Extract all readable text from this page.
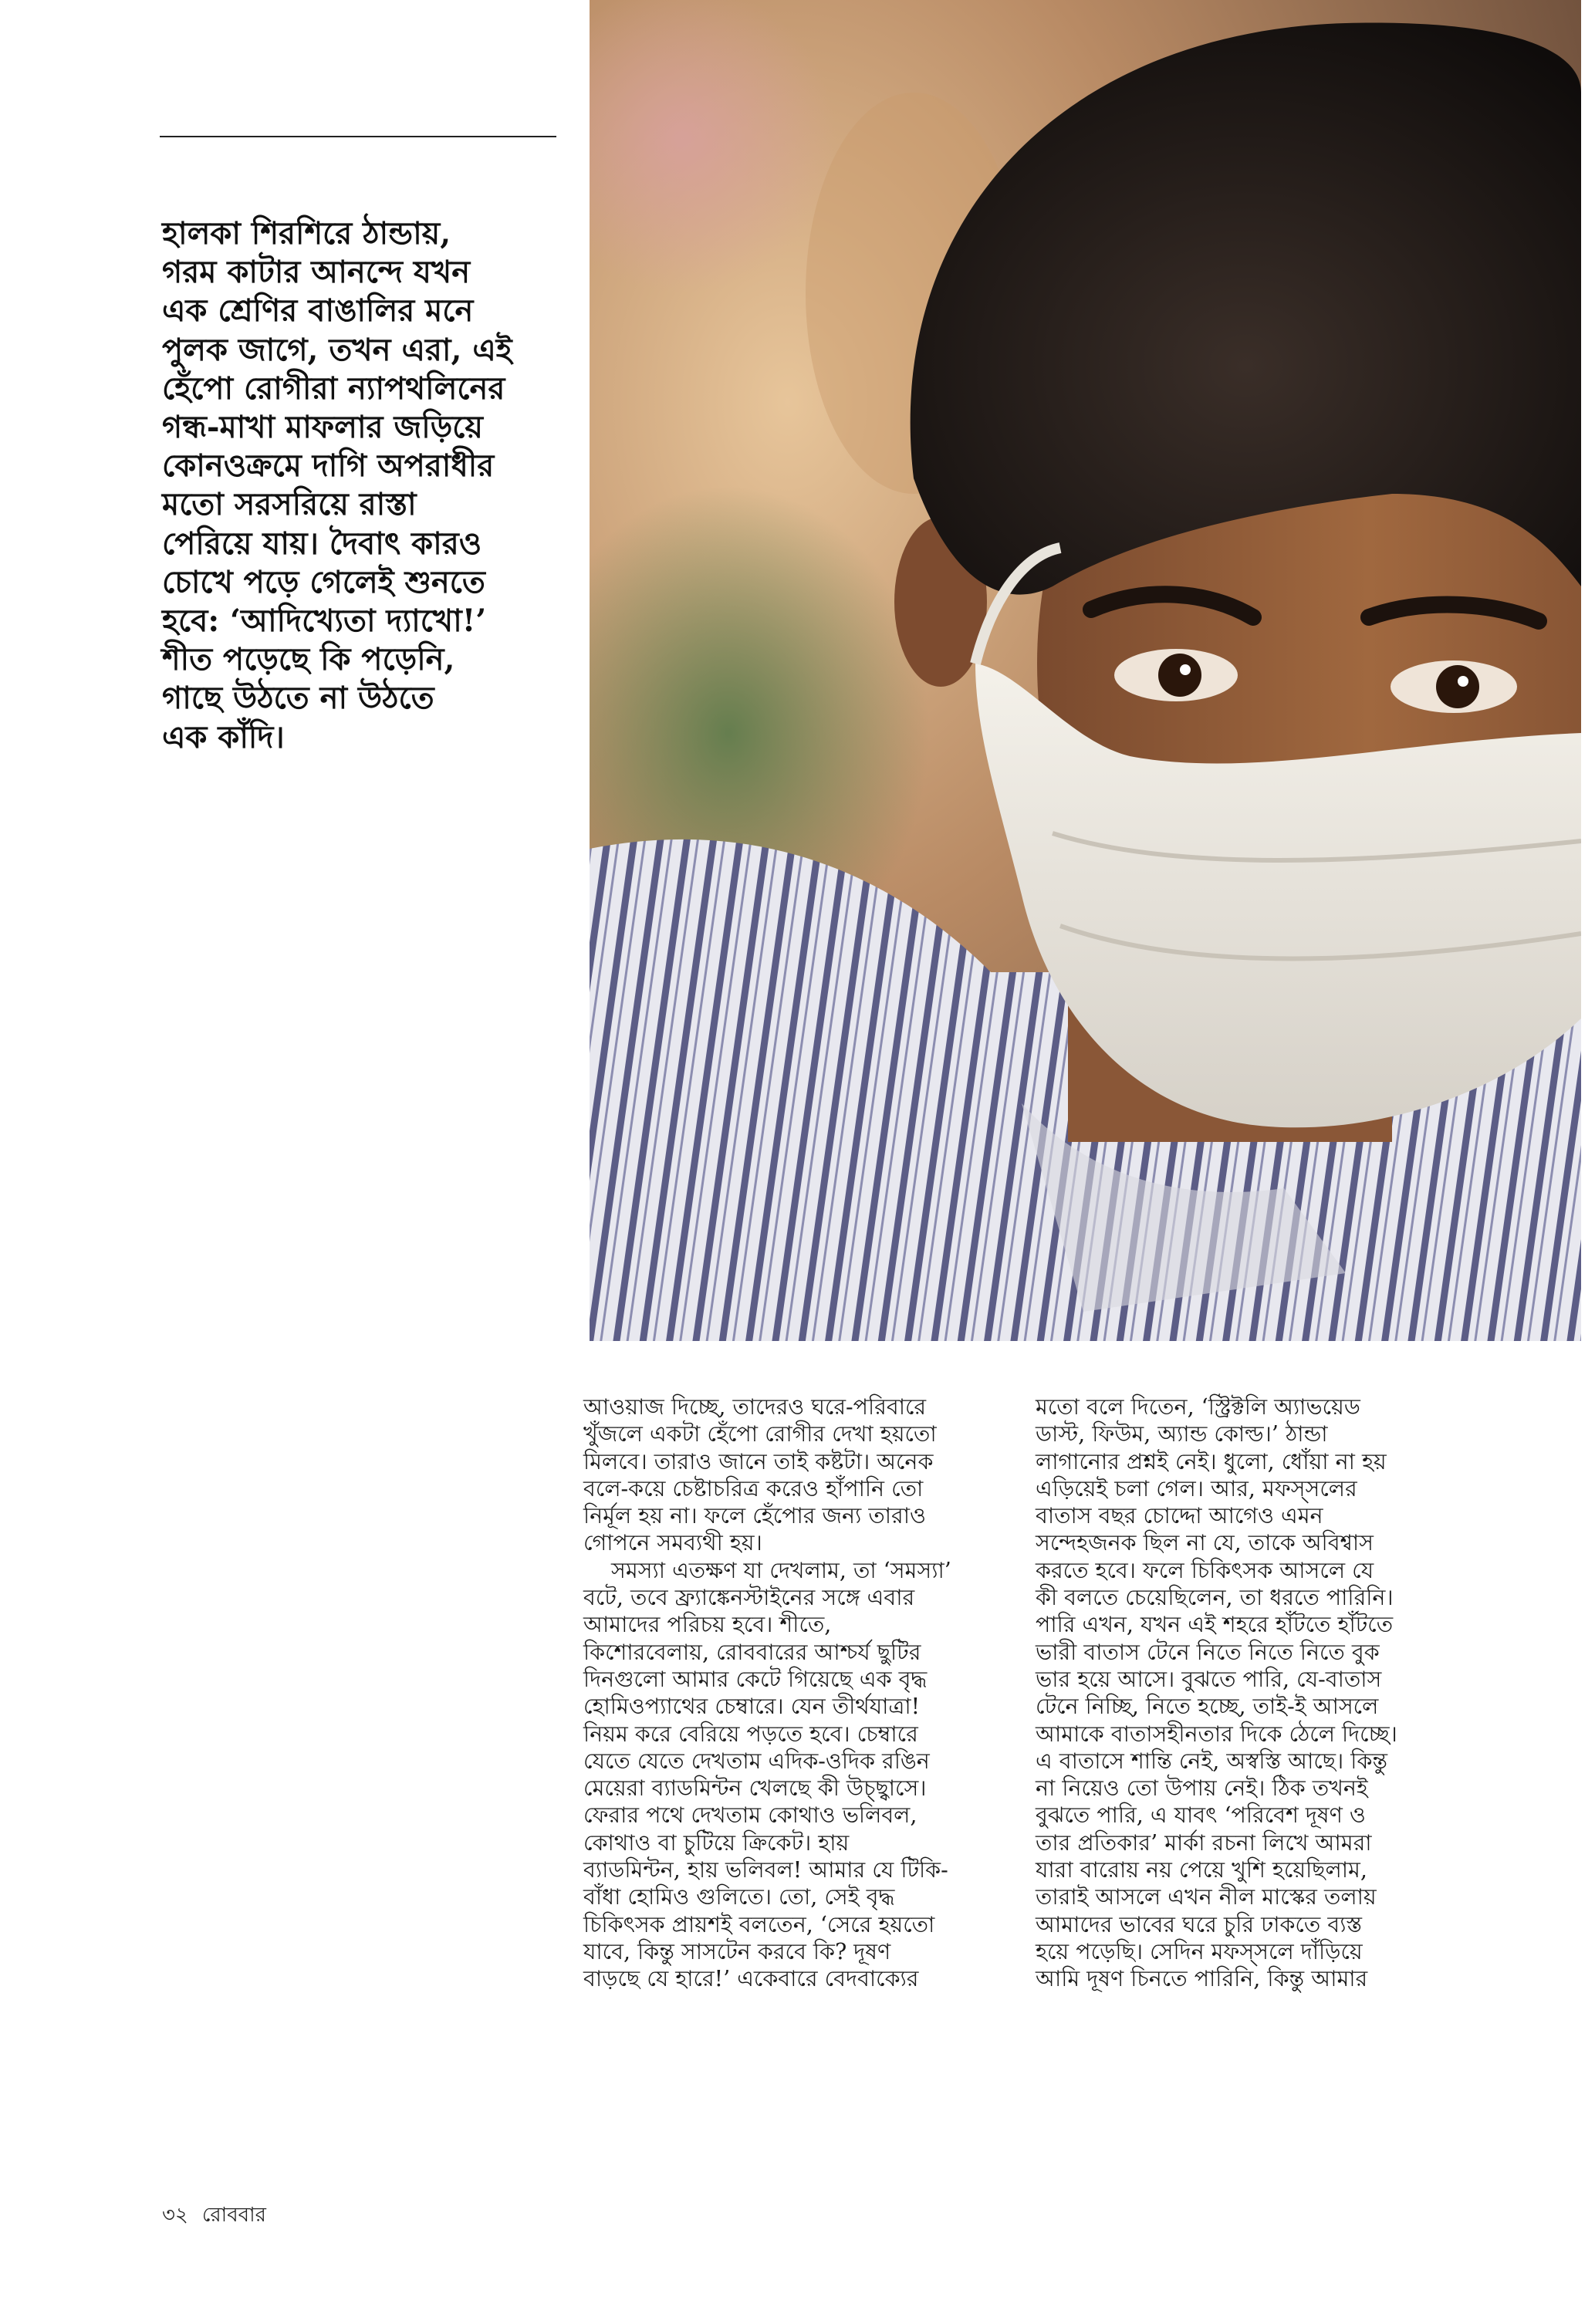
হালকা শিরশিরে ঠান্ডায়,
গরম কাটার আনন্দে যখন
এক শ্রেণির বাঙালির মনে
পুলক জাগে, তখন এরা, এই
হেঁপো রোগীরা ন্যাপথলিনের
গন্ধ-মাখা মাফলার জড়িয়ে
কোনওক্রমে দাগি অপরাধীর
মতো সরসরিয়ে রাস্তা
পেরিয়ে যায়। দৈবাৎ কারও
চোখে পড়ে গেলেই শুনতে
হবে: ‘আদিখ্যেতা দ্যাখো!’
শীত পড়েছে কি পড়েনি,
গাছে উঠতে না উঠতে
এক কাঁদি।
আওয়াজ দিচ্ছে, তাদেরও ঘরে-পরিবারে
খুঁজলে একটা হেঁপো রোগীর দেখা হয়তো
মিলবে। তারাও জানে তাই কষ্টটা। অনেক
বলে-কয়ে চেষ্টাচরিত্র করেও হাঁপানি তো
নির্মূল হয় না। ফলে হেঁপোর জন্য তারাও
গোপনে সমব্যথী হয়।
সমস্যা এতক্ষণ যা দেখলাম, তা ‘সমস্যা’
বটে, তবে ফ্র্যাঙ্কেনস্টাইনের সঙ্গে এবার
আমাদের পরিচয় হবে। শীতে,
কিশোরবেলায়, রোববারের আশ্চর্য ছুটির
দিনগুলো আমার কেটে গিয়েছে এক বৃদ্ধ
হোমিওপ্যাথের চেম্বারে। যেন তীর্থযাত্রা!
নিয়ম করে বেরিয়ে পড়তে হবে। চেম্বারে
যেতে যেতে দেখতাম এদিক-ওদিক রঙিন
মেয়েরা ব্যাডমিন্টন খেলছে কী উচ্ছ্বাসে।
ফেরার পথে দেখতাম কোথাও ভলিবল,
কোথাও বা চুটিয়ে ক্রিকেট। হায়
ব্যাডমিন্টন, হায় ভলিবল! আমার যে টিকি-
বাঁধা হোমিও গুলিতে। তো, সেই বৃদ্ধ
চিকিৎসক প্রায়শই বলতেন, ‘সেরে হয়তো
যাবে, কিন্তু সাসটেন করবে কি? দূষণ
বাড়ছে যে হারে!’ একেবারে বেদবাক্যের
মতো বলে দিতেন, ‘স্ট্রিক্টলি অ্যাভয়েড
ডাস্ট, ফিউম, অ্যান্ড কোল্ড।’ ঠান্ডা
লাগানোর প্রশ্নই নেই। ধুলো, ধোঁয়া না হয়
এড়িয়েই চলা গেল। আর, মফস্‌সলের
বাতাস বছর চোদ্দো আগেও এমন
সন্দেহজনক ছিল না যে, তাকে অবিশ্বাস
করতে হবে। ফলে চিকিৎসক আসলে যে
কী বলতে চেয়েছিলেন, তা ধরতে পারিনি।
পারি এখন, যখন এই শহরে হাঁটতে হাঁটতে
ভারী বাতাস টেনে নিতে নিতে নিতে বুক
ভার হয়ে আসে। বুঝতে পারি, যে-বাতাস
টেনে নিচ্ছি, নিতে হচ্ছে, তাই-ই আসলে
আমাকে বাতাসহীনতার দিকে ঠেলে দিচ্ছে।
এ বাতাসে শান্তি নেই, অস্বস্তি আছে। কিন্তু
না নিয়েও তো উপায় নেই। ঠিক তখনই
বুঝতে পারি, এ যাবৎ ‘পরিবেশ দূষণ ও
তার প্রতিকার’ মার্কা রচনা লিখে আমরা
যারা বারোয় নয় পেয়ে খুশি হয়েছিলাম,
তারাই আসলে এখন নীল মাস্কের তলায়
আমাদের ভাবের ঘরে চুরি ঢাকতে ব্যস্ত
হয়ে পড়েছি। সেদিন মফস্‌সলে দাঁড়িয়ে
আমি দূষণ চিনতে পারিনি, কিন্তু আমার
৩২ রোববার
